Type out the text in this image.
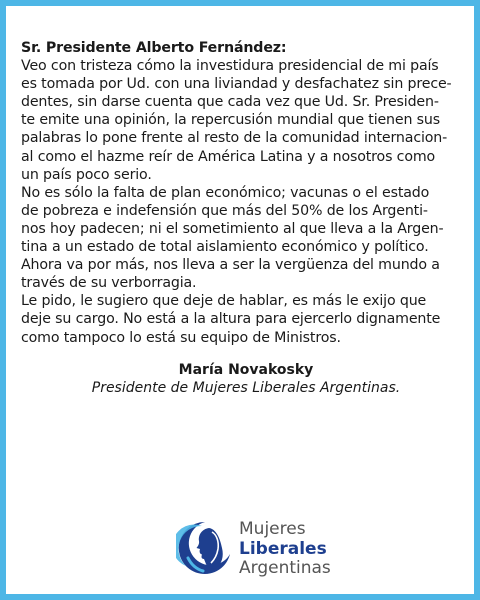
Sr. Presidente Alberto Fernández:
Veo con tristeza cómo la investidura presidencial de mi país
es tomada por Ud. con una liviandad y desfachatez sin prece-
dentes, sin darse cuenta que cada vez que Ud. Sr. Presiden-
te emite una opinión, la repercusión mundial que tienen sus
palabras lo pone frente al resto de la comunidad internacion-
al como el hazme reír de América Latina y a nosotros como
un país poco serio.
No es sólo la falta de plan económico; vacunas o el estado
de pobreza e indefensión que más del 50% de los Argenti-
nos hoy padecen; ni el sometimiento al que lleva a la Argen-
tina a un estado de total aislamiento económico y político.
Ahora va por más, nos lleva a ser la vergüenza del mundo a
través de su verborragia.
Le pido, le sugiero que deje de hablar, es más le exijo que
deje su cargo. No está a la altura para ejercerlo dignamente
como tampoco lo está su equipo de Ministros.
María Novakosky
Presidente de Mujeres Liberales Argentinas.
Mujeres
Liberales
Argentinas
